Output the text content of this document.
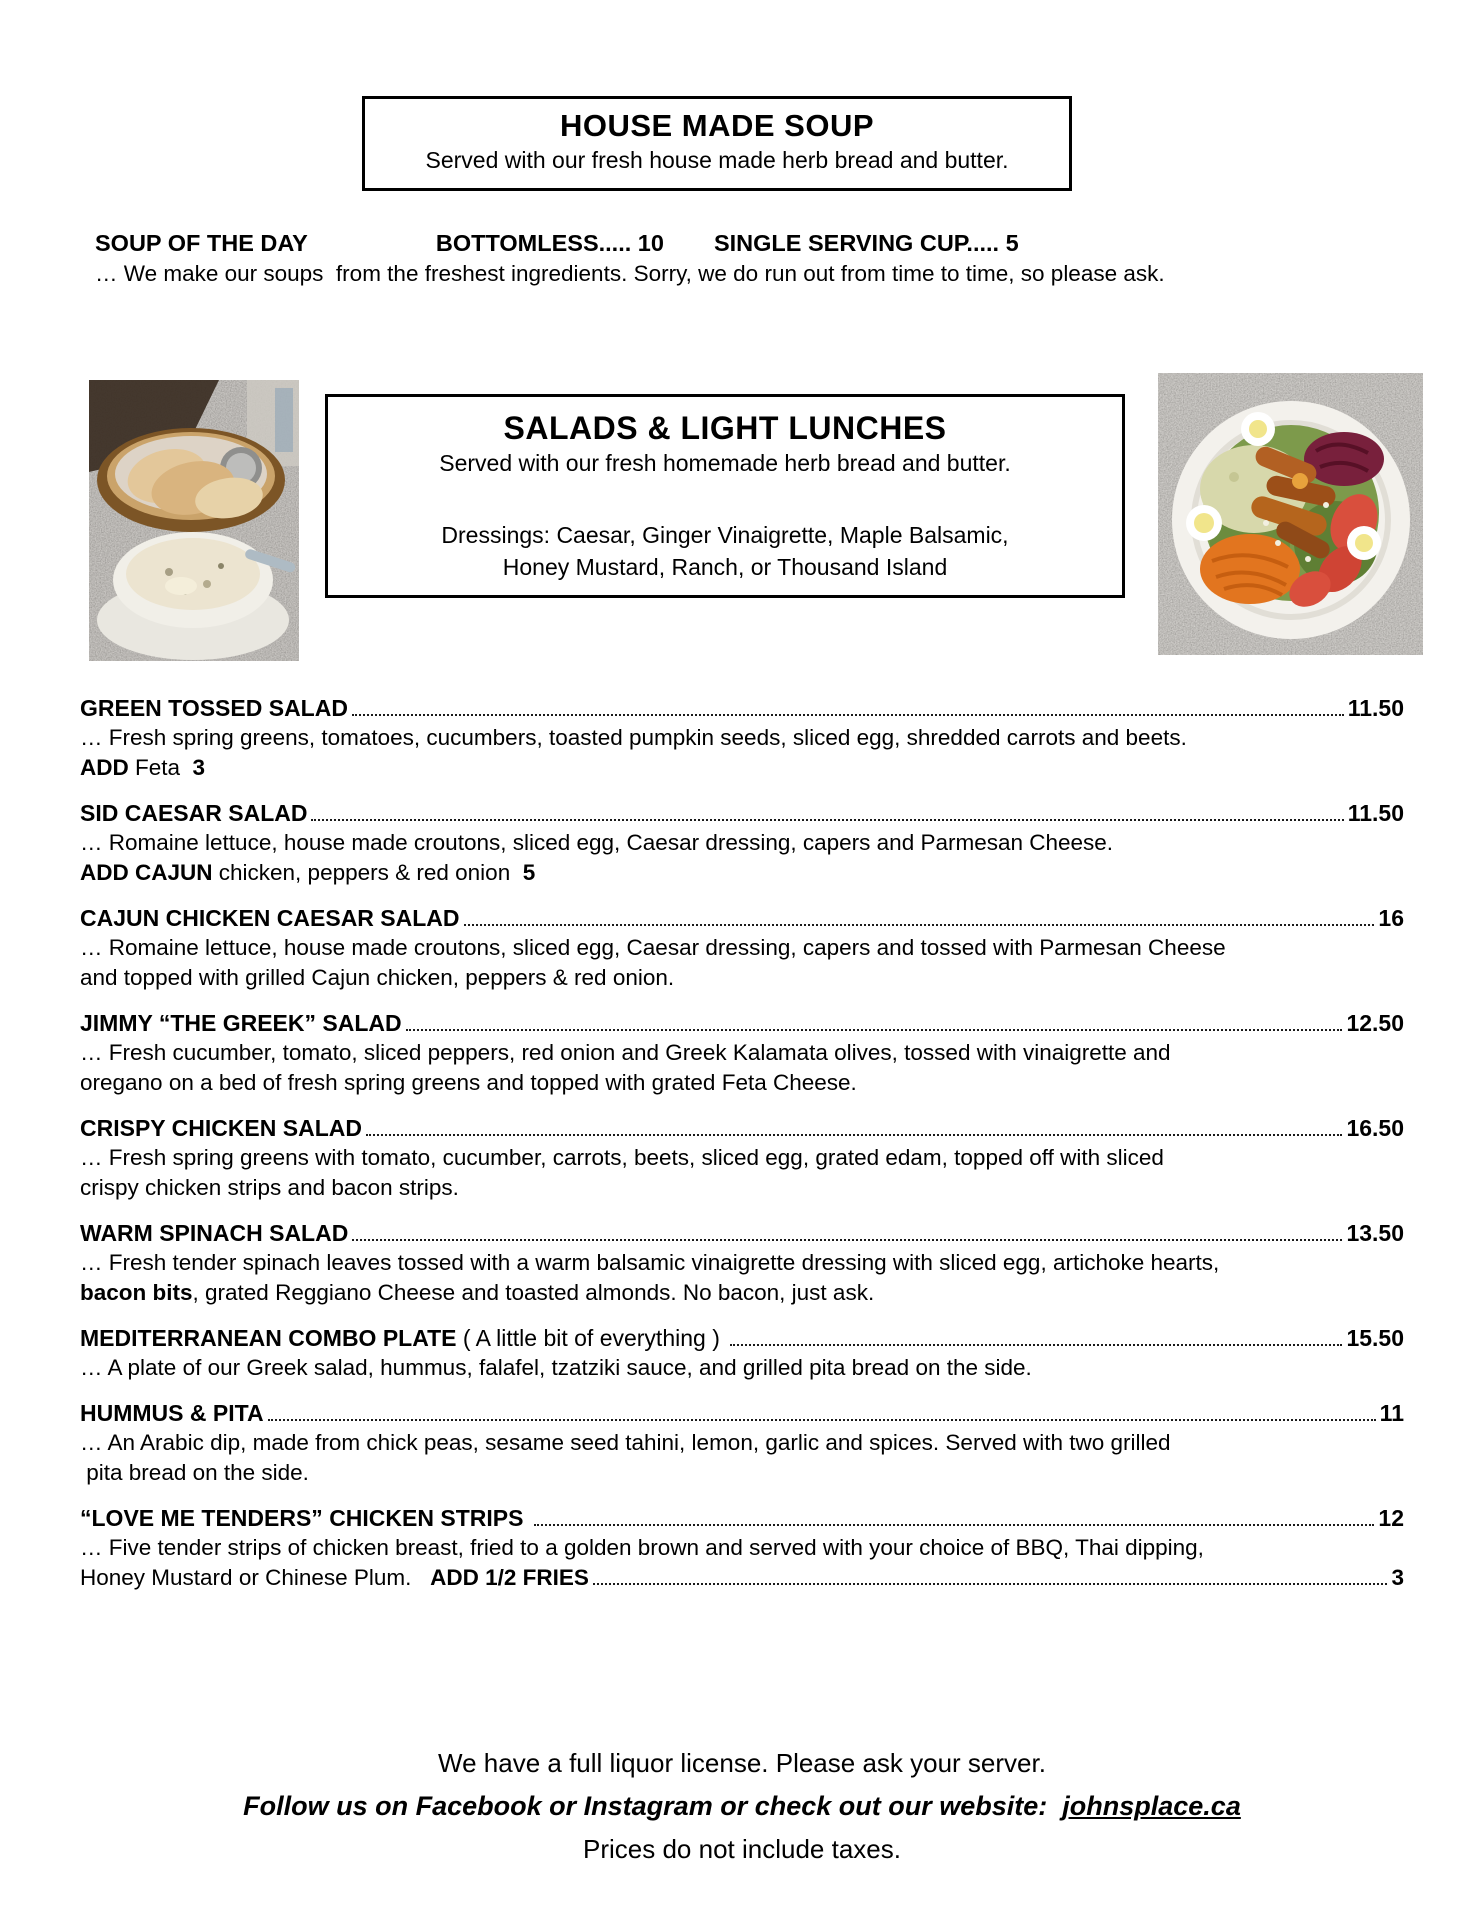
HOUSE MADE SOUP
Served with our fresh house made herb bread and butter.
SOUP OF THE DAY	BOTTOMLESS..... 10 SINGLE SERVING CUP..... 5
… We make our soups  from the freshest ingredients. Sorry, we do run out from time to time, so please ask.
SALADS & LIGHT LUNCHES
Served with our fresh homemade herb bread and butter.
Dressings: Caesar, Ginger Vinaigrette, Maple Balsamic,
Honey Mustard, Ranch, or Thousand Island
GREEN TOSSED SALAD	11.50
… Fresh spring greens, tomatoes, cucumbers, toasted pumpkin seeds, sliced egg, shredded carrots and beets.
ADD Feta  3
SID CAESAR SALAD	11.50
… Romaine lettuce, house made croutons, sliced egg, Caesar dressing, capers and Parmesan Cheese.
ADD CAJUN chicken, peppers & red onion  5
CAJUN CHICKEN CAESAR SALAD	16
… Romaine lettuce, house made croutons, sliced egg, Caesar dressing, capers and tossed with Parmesan Cheese
and topped with grilled Cajun chicken, peppers & red onion.
JIMMY “THE GREEK” SALAD	12.50
… Fresh cucumber, tomato, sliced peppers, red onion and Greek Kalamata olives, tossed with vinaigrette and
oregano on a bed of fresh spring greens and topped with grated Feta Cheese.
CRISPY CHICKEN SALAD	16.50
… Fresh spring greens with tomato, cucumber, carrots, beets, sliced egg, grated edam, topped off with sliced
crispy chicken strips and bacon strips.
WARM SPINACH SALAD	13.50
… Fresh tender spinach leaves tossed with a warm balsamic vinaigrette dressing with sliced egg, artichoke hearts,
bacon bits, grated Reggiano Cheese and toasted almonds. No bacon, just ask.
MEDITERRANEAN COMBO PLATE ( A little bit of everything )	15.50
… A plate of our Greek salad, hummus, falafel, tzatziki sauce, and grilled pita bread on the side.
HUMMUS & PITA	11
… An Arabic dip, made from chick peas, sesame seed tahini, lemon, garlic and spices. Served with two grilled
pita bread on the side.
“LOVE ME TENDERS” CHICKEN STRIPS	12
… Five tender strips of chicken breast, fried to a golden brown and served with your choice of BBQ, Thai dipping,
Honey Mustard or Chinese Plum. ADD 1/2 FRIES	3
We have a full liquor license. Please ask your server.
Follow us on Facebook or Instagram or check out our website:  johnsplace.ca
Prices do not include taxes.
